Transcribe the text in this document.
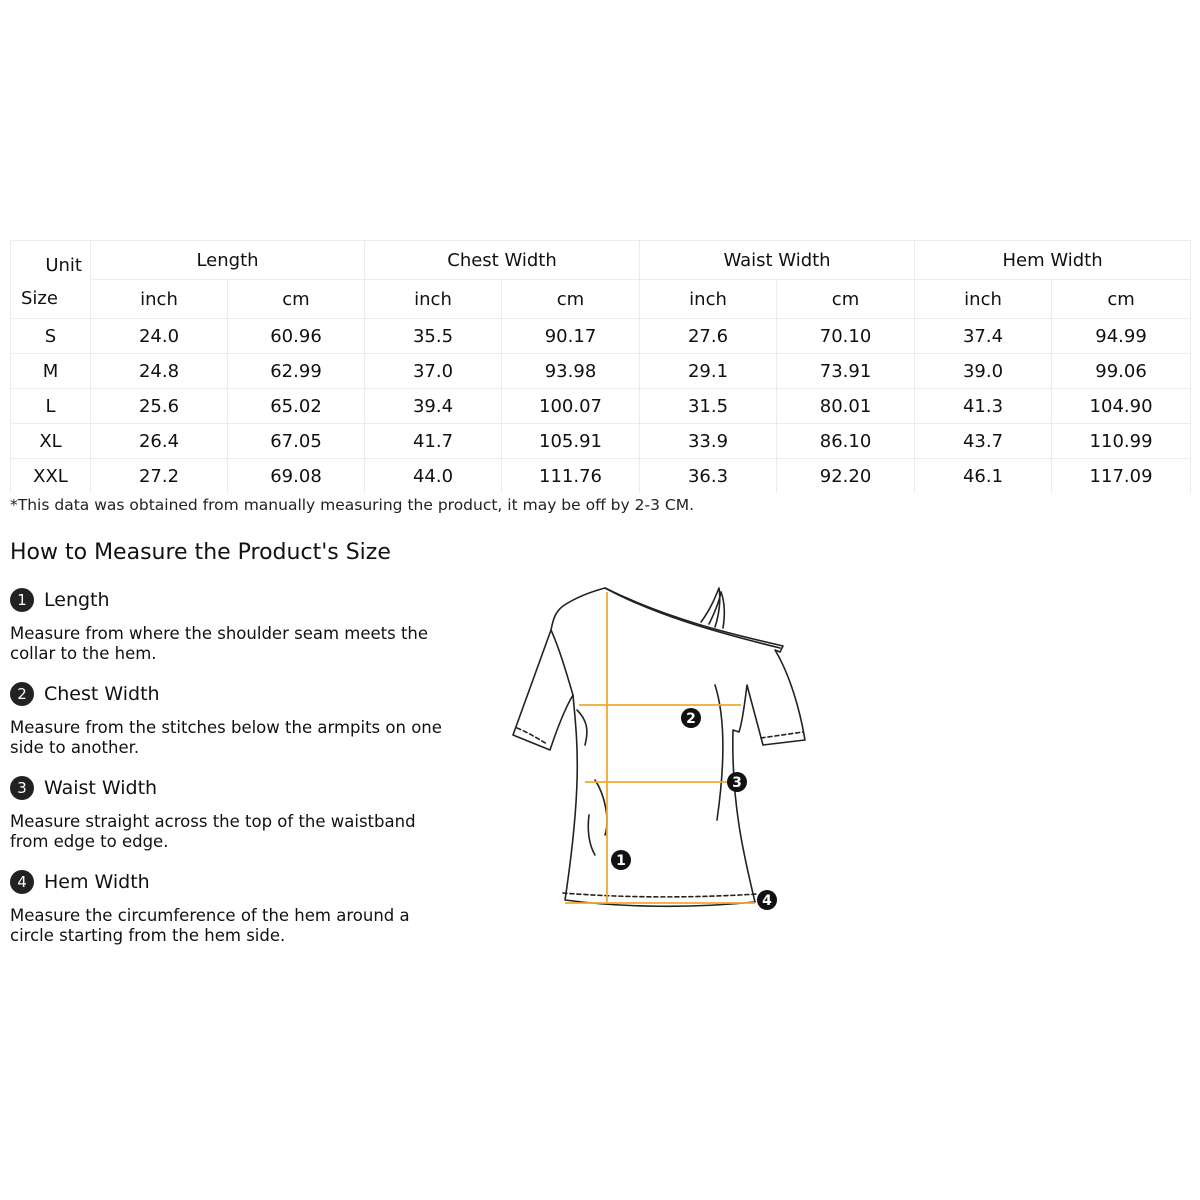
Unit	Length		Chest Width		Waist Width		Hem Width	
Size	inch	cm	inch	cm	inch	cm	inch	cm
S	24.0	60.96	35.5	90.17	27.6	70.10	37.4	94.99
M	24.8	62.99	37.0	93.98	29.1	73.91	39.0	99.06
L	25.6	65.02	39.4	100.07	31.5	80.01	41.3	104.90
XL	26.4	67.05	41.7	105.91	33.9	86.10	43.7	110.99
XXL	27.2	69.08	44.0	111.76	36.3	92.20	46.1	117.09
*This data was obtained from manually measuring the product, it may be off by 2-3 CM.
How to Measure the Product's Size
1 Length
Measure from where the shoulder seam meets the collar to the hem.
2 Chest Width
Measure from the stitches below the armpits on one side to another.
3 Waist Width
Measure straight across the top of the waistband from edge to edge.
4 Hem Width
Measure the circumference of the hem around a circle starting from the hem side.
1
2
3
4
